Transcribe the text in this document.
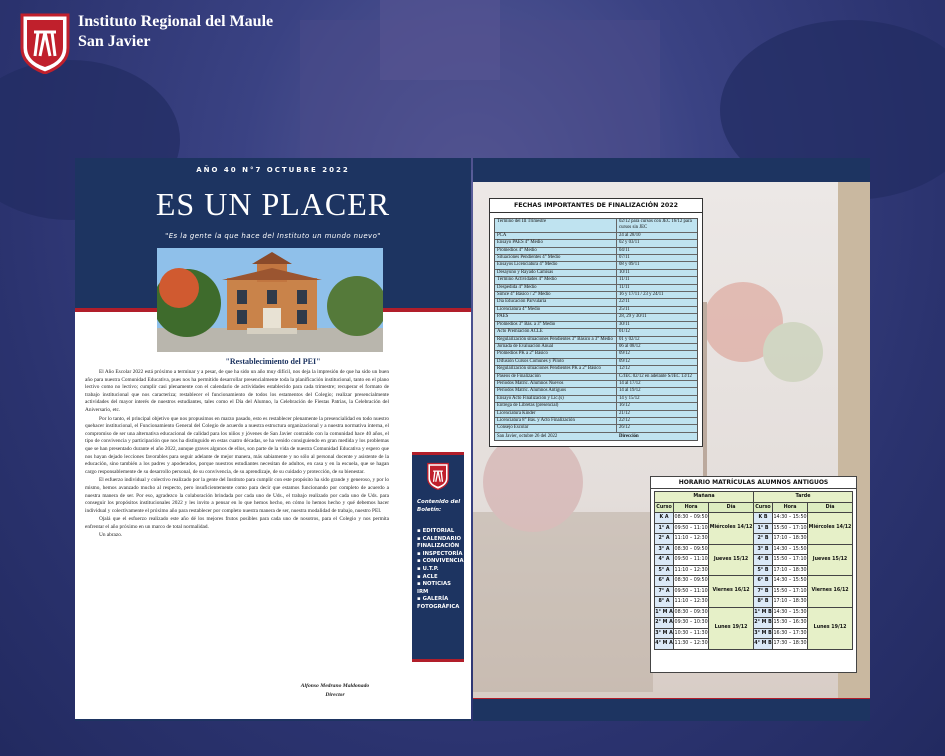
Instituto Regional del Maule
San Javier
AÑO 40 N°7 OCTUBRE 2022
ES UN PLACER
"Es la gente la que hace del Instituto un mundo nuevo"
"Restablecimiento del PEI"

El Año Escolar 2022 está próximo a terminar y a pesar, de que ha sido un año muy difícil, nos deja la impresión de que ha sido un buen año para nuestra Comunidad Educativa, pues nos ha permitido desarrollar presencialmente toda la planificación institucional, tanto en el plano lectivo como no lectivo; cumplir casi plenamente con el calendario de actividades establecido para cada trimestre; recuperar el formato de trabajo institucional que nos caracteriza; restablecer el funcionamiento de todos los estamentos del Colegio; realizar presencialmente actividades del mayor interés de nuestros estudiantes, tales como el Día del Alumno, la Celebración de Fiestas Patrias, la Celebración del Aniversario, etc.

Por lo tanto, el principal objetivo que nos propusimos en marzo pasado, esto es restablecer plenamente la presencialidad en todo nuestro quehacer institucional, el Funcionamiento General del Colegio de acuerdo a nuestra estructura organizacional y a nuestra normativa interna, el compromiso de ser una alternativa educacional de calidad para los niños y jóvenes de San Javier contraído con la comunidad hace 40 años, el tipo de convivencia y participación que nos ha distinguido en estas cuatro décadas, se ha venido consiguiendo en gran medida y los problemas que se han presentado durante el año 2022, aunque graves algunos de ellos, son parte de la vida de nuestra Comunidad Educativa y espero que nos hayan dejado lecciones favorables para seguir adelante de mejor manera, más sabiamente y no sólo al personal docente y asistente de la educación, sino también a los padres y apoderados, porque nuestros estudiantes necesitan de adultos, en casa y en la escuela, que se hagan cargo responsablemente de su desarrollo personal, de su convivencia, de su aprendizaje, de su cuidado y protección, de su bienestar.

El esfuerzo individual y colectivo realizado por la gente del Instituto para cumplir con este propósito ha sido grande y generoso, y por lo mismo, hemos avanzado mucho al respecto, pero insuficientemente como para decir que estamos funcionando por completo de acuerdo a nuestra manera de ser. Por eso, agradezco la colaboración brindada por cada uno de Uds., el trabajo realizado por cada uno de Uds. para conseguir los propósitos institucionales 2022 y les invito a pensar en lo que hemos hecho, en cómo lo hemos hecho y qué debemos hacer individual y colectivamente el próximo año para restablecer por completo nuestra manera de ser, nuestra modalidad de trabajo, nuestro PEI.

Ojalá que el esfuerzo realizado este año dé los mejores frutos posibles para cada uno de nosotros, para el Colegio y nos permita enfrentar el año próximo en un marco de total normalidad.

Un abrazo.

Alfonso Medrano Maldonado
Director
Contenido del Boletín:
▪ EDITORIAL
▪ CALENDARIO FINALIZACIÓN
▪ INSPECTORÍA
▪ CONVIVENCIA
▪ U.T.P.
▪ ACLE
▪ NOTICIAS IRM
▪ GALERÍA FOTOGRÁFICA
FECHAS IMPORTANTES DE FINALIZACIÓN 2022
Término del III Trimestre	02/12 para cursos con JEC 16/12 para cursos sin JEC
PCA	24 al 28/10
Ensayo PAES 4° Medio	02 y 03/11
Promedios 4° Medio	04/11
Situaciones Pendientes 4° Medio	07/11
Ensayos Licenciatura 4° Medio	08 y 09/11
Desayuno y Rayado Camisas	10/11
Término Actividades 4° Medio	11/11
Despedida 4° Medio	11/11
Simce 4° Básico / 2° Medio	16 y 17/11 / 23 y 24/11
Día Educación Parvularia	22/11
Licenciatura 4° Medio	25/11
PAES	28, 29 y 30/11
Promedios 3° Bás. a 3° Medio	30/11
Acto Premiación ACLE	01/12
Regularización situaciones Pendientes 3° Básico a 3° Medio	01 y 02/12
Jornada de Evaluación Anual	06 al 08/12
Promedios PK a 2° Básico	09/12
Difusión Cursos Comunes y Piloto	09/12
Regularización situaciones Pendientes PK a 2° Básico	12/12
Paseos de Finalización	C/JEC 02/12 en adelante S/JEC 13/12
Períodos Matríc. Alumnos Nuevos	14 al 17/12
Períodos Matríc. Alumnos Antiguos	14 al 19/12
Ensayo Acto Finalización y Lic.(s)	14 y 15/12
Entrega de Libretas (presencial)	16/12
Licenciatura Kínder	21/12
Licenciatura 8° Bás. y Acto Finalización	22/12
Consejo Escolar	26/12
San Javier, octubre 26 del 2022	Dirección
HORARIO MATRÍCULAS ALUMNOS ANTIGUOS
Mañana			Tarde		
Curso	Hora	Día	Curso	Hora	Día
K A	08:30 – 09:50	Miércoles 14/12	K B	14:30 – 15:50	Miércoles 14/12
1° A	09:50 – 11:10		1° B	15:50 – 17:10	
2° A	11:10 – 12:30		2° B	17:10 – 18:30	
3° A	08:30 – 09:50	Jueves 15/12	3° B	14:30 – 15:50	Jueves 15/12
4° A	09:50 – 11:10		4° B	15:50 – 17:10	
5° A	11:10 – 12:30		5° B	17:10 – 18:30	
6° A	08:30 – 09:50	Viernes 16/12	6° B	14:30 – 15:50	Viernes 16/12
7° A	09:50 – 11:10		7° B	15:50 – 17:10	
8° A	11:10 – 12:30		8° B	17:10 – 18:30	
1° M A	08:30 – 09:30	Lunes 19/12	1° M B	14:30 – 15:30	Lunes 19/12
2° M A	09:30 – 10:30		2° M B	15:30 – 16:30	
3° M A	10:30 – 11:30		3° M B	16:30 – 17:30	
4° M A	11:30 – 12:30		4° M B	17:30 – 18:30	
